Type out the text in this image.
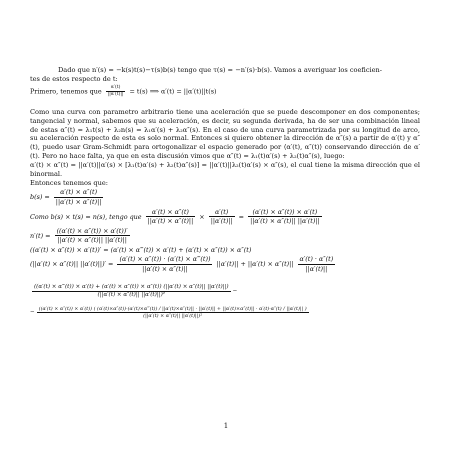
Dado que n′(s) = −k(s)t(s)−τ(s)b(s) tengo que τ(s) = −n′(s)·b(s). Vamos a averiguar los coeficien-

tes de estos respecto de t:

Primero, tenemos que $\frac{\alpha'(t)}{||\alpha'(t)||} = t(s)$ ⟹ α′(t) = ||α′(t)||t(s)

Como una curva con parametro arbitrario tiene una aceleración que se puede descomponer en dos componentes; tangencial y normal, sabemos que su aceleración, es decir, su segunda derivada, ha de ser una combinación lineal de estas α″(t) = λ₁t(s) + λ₂n(s) = λ₁α′(s) + λ₂α″(s). En el caso de una curva parametrizada por su longitud de arco, su aceleración respecto de esta es solo normal. Entonces si quiero obtener la dirección de α″(s) a partir de α′(t) y α″(t), puedo usar Gram-Schmidt para ortogonalizar el espacio generado por ⟨α′(t), α″(t)⟩ conservando dirección de α′(t). Pero no hace falta, ya que en esta discusión vimos que α″(t) = λ₁(t)α′(s) + λ₂(t)α″(s), luego:

α′(t) × α″(t) = ||α′(t)||α′(s) × [λ₁(t)α′(s) + λ₂(t)α″(s)] = ||α′(t)||λ₂(t)α′(s) × α″(s), el cual tiene la misma dirección que el binormal.

Entonces tenemos que:

$b(s) = \frac{\alpha'(t) \times \alpha''(t)}{||\alpha'(t) \times \alpha''(t)||}$
Como b(s) × t(s) = n(s), tengo que $\frac{\alpha'(t) \times \alpha''(t)}{||\alpha'(t) \times \alpha''(t)||} \times \frac{\alpha'(t)}{||\alpha'(t)||} = \frac{(\alpha'(t) \times \alpha''(t)) \times \alpha'(t)}{||\alpha'(t) \times \alpha''(t)|| ||\alpha'(t)||}$
$n'(t) = \frac{((\alpha'(t) \times \alpha''(t)) \times \alpha'(t))'}{||\alpha'(t) \times \alpha''(t)|| ||\alpha'(t)||}$
((α′(t) × α″(t)) × α′(t))′ = (α′(t) × α‴(t)) × α′(t) + (α′(t) × α″(t)) × α″(t)
(||α′(t) × α″(t)|| $||\alpha'(t)||)' = \frac{(\alpha'(t) \times \alpha''(t)) \cdot (\alpha'(t) \times \alpha‴(t))}{||\alpha'(t) \times \alpha''(t)||} ||\alpha'(t)|| + ||\alpha'(t) \times \alpha''(t)|| \frac{\alpha'(t) \cdot \alpha''(t)}{||\alpha'(t)||}$
((α′(t) × α‴(t)) × α′(t) + (α′(t) × α″(t)) × α″(t)) (||α′(t) × α″(t)|| ||α′(t)||)
(||α′(t) × α″(t)|| ||α′(t)||)²
−
−
((α′(t) × α″(t)) × α′(t)) ( (α′(t)×α″(t))·(α′(t)×α‴(t)) / ||α′(t)×α″(t)|| · ||α′(t)|| + ||α′(t)×α″(t)|| · α′(t)·α″(t) / ||α′(t)|| )
(||α′(t) × α″(t)|| ||α′(t)||)²
1
